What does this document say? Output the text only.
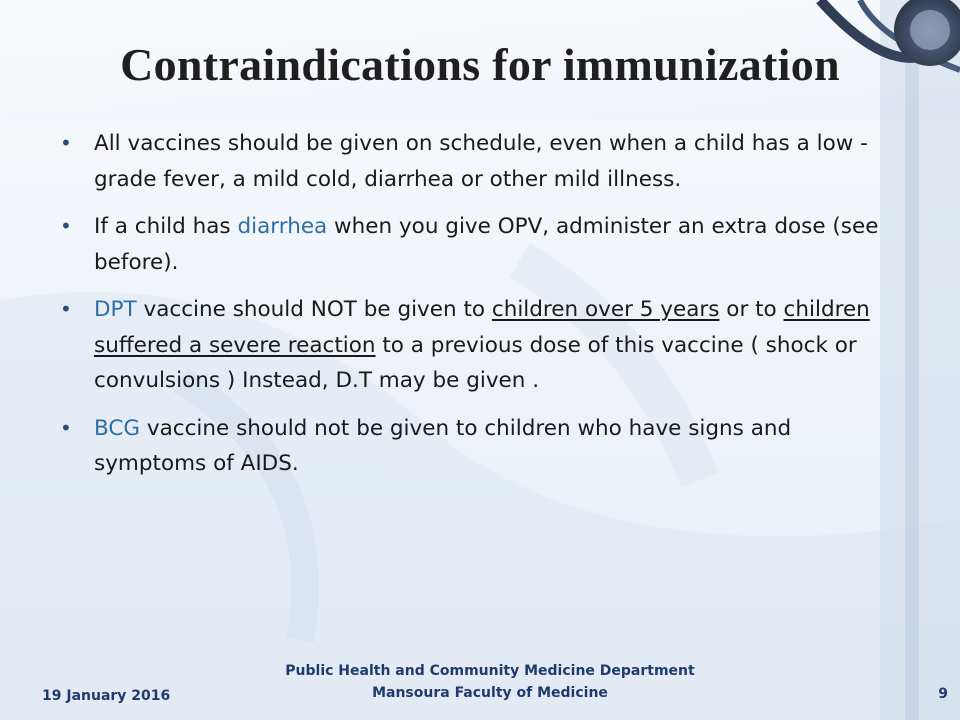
Contraindications for immunization
• All vaccines should be given on schedule, even when a child has a low - grade fever, a mild cold, diarrhea or other mild illness.
• If a child has diarrhea when you give OPV, administer an extra dose (see before).
• DPT vaccine should NOT be given to children over 5 years or to children suffered a severe reaction to a previous dose of this vaccine ( shock or convulsions ) Instead, D.T may be given .
• BCG vaccine should not be given to children who have signs and symptoms of AIDS.
Public Health and Community Medicine Department
Mansoura Faculty of Medicine
19 January 2016	9
